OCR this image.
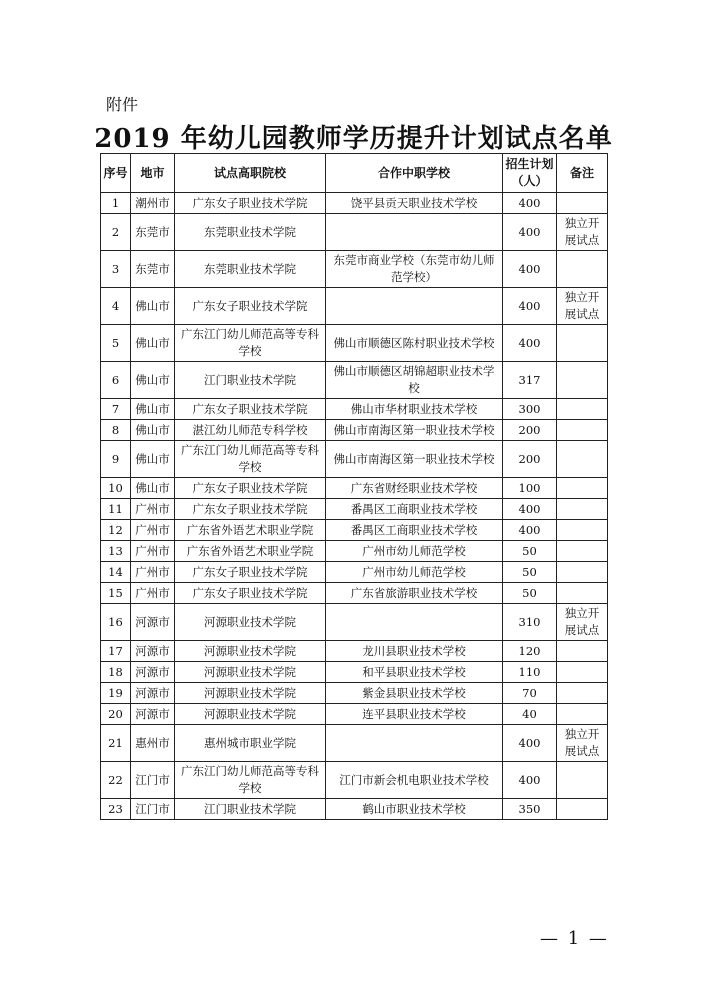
附件
2019 年幼儿园教师学历提升计划试点名单
序号	地市	试点高职院校	合作中职学校	招生计划（人）	备注
1	潮州市	广东女子职业技术学院	饶平县贡天职业技术学校	400	
2	东莞市	东莞职业技术学院		400	独立开展试点
3	东莞市	东莞职业技术学院	东莞市商业学校（东莞市幼儿师范学校）	400	
4	佛山市	广东女子职业技术学院		400	独立开展试点
5	佛山市	广东江门幼儿师范高等专科学校	佛山市顺德区陈村职业技术学校	400	
6	佛山市	江门职业技术学院	佛山市顺德区胡锦超职业技术学校	317	
7	佛山市	广东女子职业技术学院	佛山市华材职业技术学校	300	
8	佛山市	湛江幼儿师范专科学校	佛山市南海区第一职业技术学校	200	
9	佛山市	广东江门幼儿师范高等专科学校	佛山市南海区第一职业技术学校	200	
10	佛山市	广东女子职业技术学院	广东省财经职业技术学校	100	
11	广州市	广东女子职业技术学院	番禺区工商职业技术学校	400	
12	广州市	广东省外语艺术职业学院	番禺区工商职业技术学校	400	
13	广州市	广东省外语艺术职业学院	广州市幼儿师范学校	50	
14	广州市	广东女子职业技术学院	广州市幼儿师范学校	50	
15	广州市	广东女子职业技术学院	广东省旅游职业技术学校	50	
16	河源市	河源职业技术学院		310	独立开展试点
17	河源市	河源职业技术学院	龙川县职业技术学校	120	
18	河源市	河源职业技术学院	和平县职业技术学校	110	
19	河源市	河源职业技术学院	紫金县职业技术学校	70	
20	河源市	河源职业技术学院	连平县职业技术学校	40	
21	惠州市	惠州城市职业学院		400	独立开展试点
22	江门市	广东江门幼儿师范高等专科学校	江门市新会机电职业技术学校	400	
23	江门市	江门职业技术学院	鹤山市职业技术学校	350	
— 1 —
